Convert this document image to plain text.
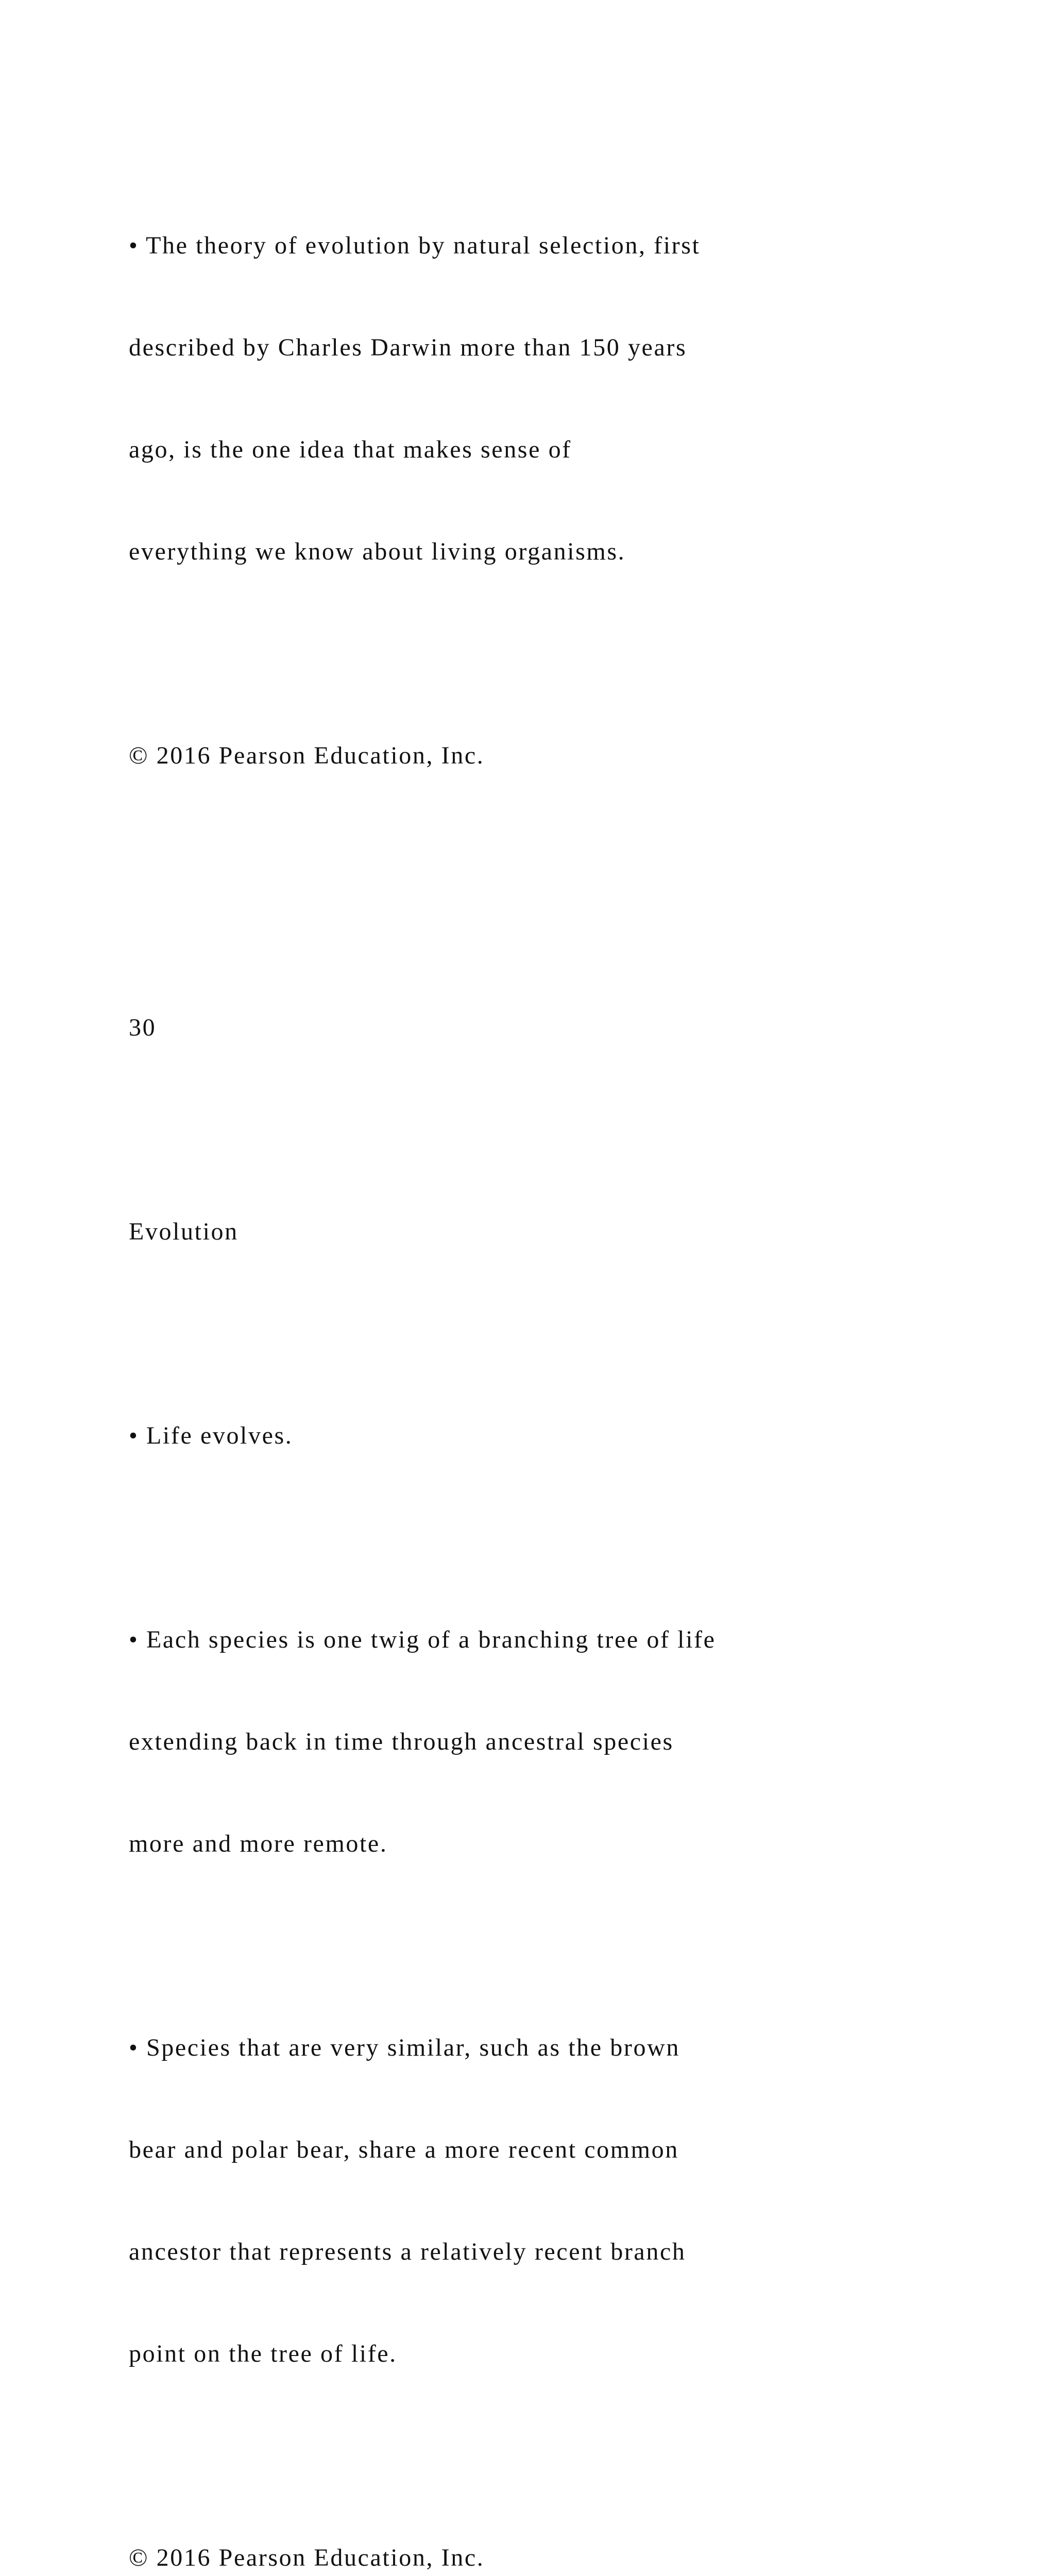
• The theory of evolution by natural selection, first

described by Charles Darwin more than 150 years

ago, is the one idea that makes sense of

everything we know about living organisms.

© 2016 Pearson Education, Inc.

30

Evolution

• Life evolves.

• Each species is one twig of a branching tree of life

extending back in time through ancestral species

more and more remote.

• Species that are very similar, such as the brown

bear and polar bear, share a more recent common

ancestor that represents a relatively recent branch

point on the tree of life.

© 2016 Pearson Education, Inc.
